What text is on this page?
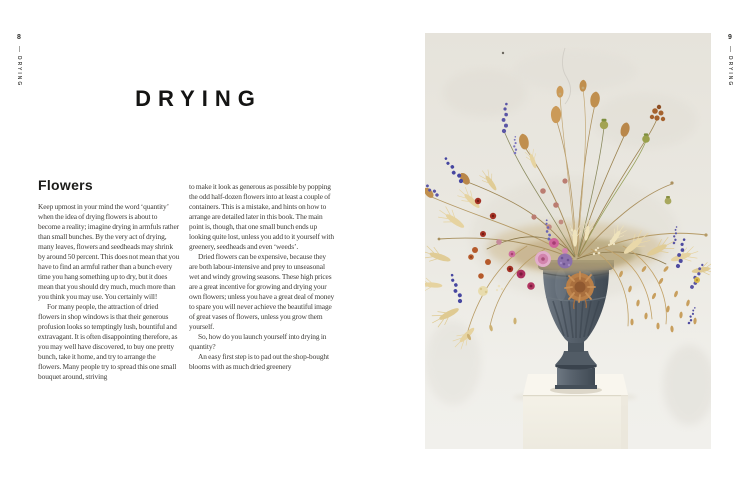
8
DRYING
DRYING
Flowers

Keep upmost in your mind the word ‘quantity’ when the idea of drying flowers is about to become a reality; imagine drying in armfuls rather than small bunches. By the very act of drying, many leaves, flowers and seedheads may shrink by around 50 percent. This does not mean that you have to find an armful rather than a bunch every time you hang something up to dry, but it does mean that you should dry much, much more than you think you may use. You certainly will!

For many people, the attraction of dried flowers in shop windows is that their generous profusion looks so temptingly lush, bountiful and extravagant. It is often disappointing therefore, as you may well have discovered, to buy one pretty bunch, take it home, and try to arrange the flowers. Many people try to spread this one small bouquet around, striving

to make it look as generous as possible by popping the odd half-dozen flowers into at least a couple of containers. This is a mistake, and hints on how to arrange are detailed later in this book. The main point is, though, that one small bunch ends up looking quite lost, unless you add to it yourself with greenery, seedheads and even ‘weeds’.

Dried flowers can be expensive, because they are both labour-intensive and prey to unseasonal wet and windy growing seasons. These high prices are a great incentive for growing and drying your own flowers; unless you have a great deal of money to spare you will never achieve the beautiful image of great vases of flowers, unless you grow them yourself.

So, how do you launch yourself into drying in quantity?

An easy first step is to pad out the shop-bought blooms with as much dried greenery

9
DRYING
